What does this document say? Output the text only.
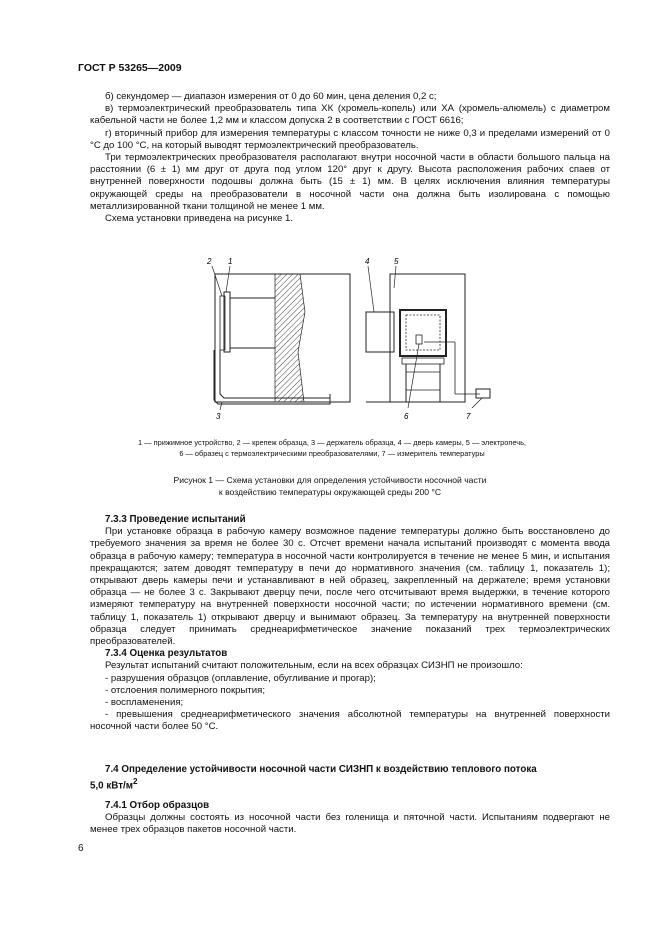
ГОСТ Р 53265—2009

б) секундомер — диапазон измерения от 0 до 60 мин, цена деления 0,2 с;

в) термоэлектрический преобразователь типа ХК (хромель-копель) или ХА (хромель-алюмель) с диаметром кабельной части не более 1,2 мм и классом допуска 2 в соответствии с ГОСТ 6616;

г) вторичный прибор для измерения температуры с классом точности не ниже 0,3 и пределами измерений от 0 °С до 100 °С, на который выводят термоэлектрический преобразователь.

Три термоэлектрических преобразователя располагают внутри носочной части в области большого пальца на расстоянии (6 ± 1) мм друг от друга под углом 120° друг к другу. Высота расположения рабочих спаев от внутренней поверхности подошвы должна быть (15 ± 1) мм. В целях исключения влияния температуры окружающей среды на преобразователи в носочной части она должна быть изолирована с помощью металлизированной ткани толщиной не менее 1 мм.

Схема установки приведена на рисунке 1.

2 1
3
4	5
6	7
1 — прижимное устройство, 2 — крепеж образца, 3 — держатель образца, 4 — дверь камеры, 5 — электропечь,
6 — образец с термоэлектрическими преобразователями, 7 — измеритель температуры
Рисунок 1 — Схема установки для определения устойчивости носочной части
к воздействию температуры окружающей среды 200 °С

7.3.3 Проведение испытаний

При установке образца в рабочую камеру возможное падение температуры должно быть восстановлено до требуемого значения за время не более 30 с. Отсчет времени начала испытаний производят с момента ввода образца в рабочую камеру; температура в носочной части контролируется в течение не менее 5 мин, и испытания прекращаются; затем доводят температуру в печи до нормативного значения (см. таблицу 1, показатель 1); открывают дверь камеры печи и устанавливают в ней образец, закрепленный на держателе; время установки образца — не более 3 с. Закрывают дверцу печи, после чего отсчитывают время выдержки, в течение которого измеряют температуру на внутренней поверхности носочной части; по истечении нормативного времени (см. таблицу 1, показатель 1) открывают дверцу и вынимают образец. За температуру на внутренней поверхности образца следует принимать среднеарифметическое значение показаний трех термоэлектрических преобразователей.

7.3.4 Оценка результатов

Результат испытаний считают положительным, если на всех образцах СИЗНП не произошло:

- разрушения образцов (оплавление, обугливание и прогар);

- отслоения полимерного покрытия;

- воспламенения;

- превышения среднеарифметического значения абсолютной температуры на внутренней поверхности носочной части более 50 °С.

7.4 Определение устойчивости носочной части СИЗНП к воздействию теплового потока
5,0 кВт/$м^2$

7.4.1 Отбор образцов

Образцы должны состоять из носочной части без голенища и пяточной части. Испытаниям подвергают не менее трех образцов пакетов носочной части.

6
